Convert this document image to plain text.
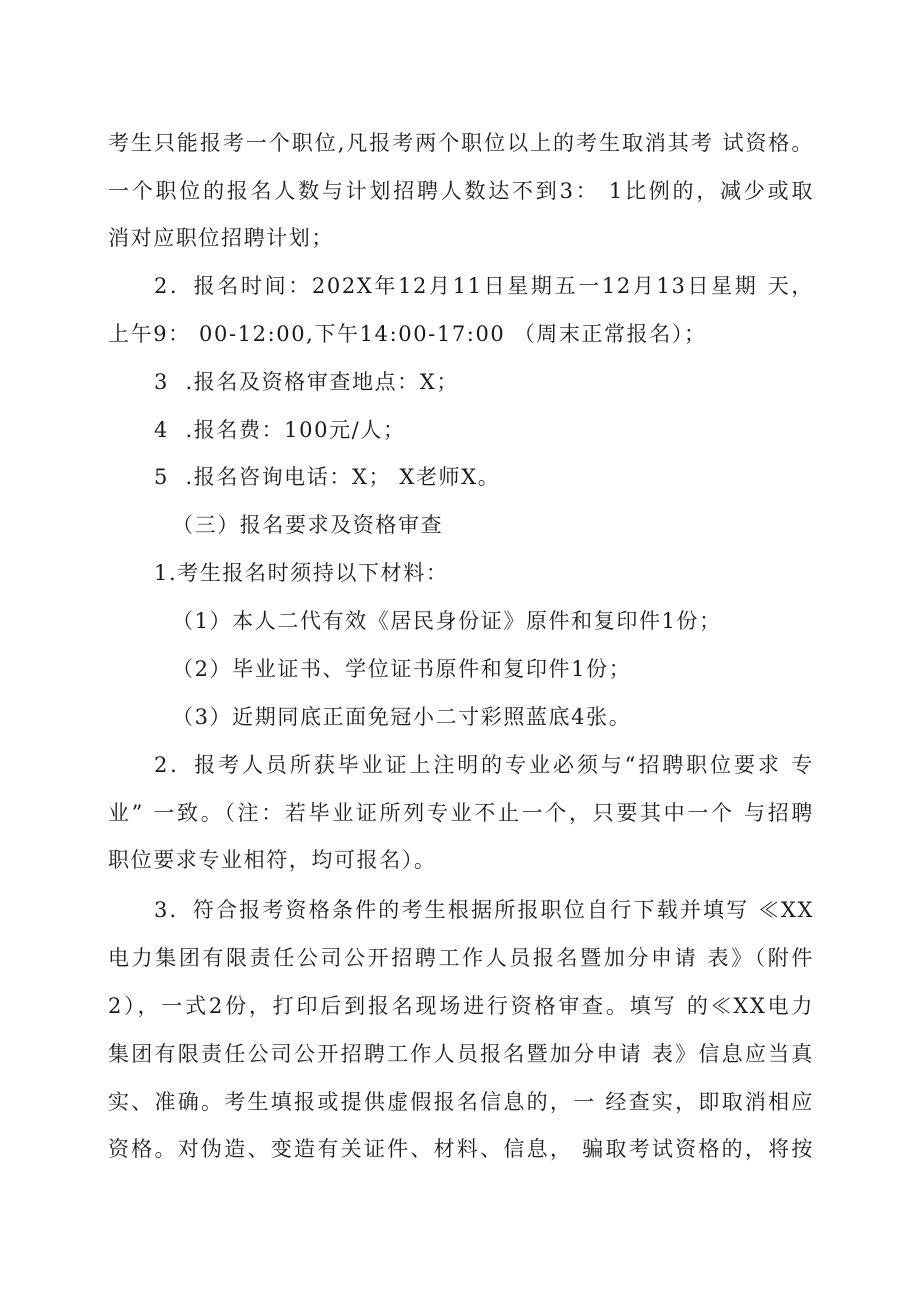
考生只能报考一个职位,凡报考两个职位以上的考生取消其考 试资格。
一个职位的报名人数与计划招聘人数达不到3： 1比例的，减少或取
消对应职位招聘计划；
2．报名时间：202X年12月11日星期五一12月13日星期 天，
上午9： 00-12:00,下午14:00-17:00 （周末正常报名）；
3  .报名及资格审查地点：X；
4  .报名费：100元/人；
5  .报名咨询电话：X； X老师X。
（三）报名要求及资格审查
1.考生报名时须持以下材料：
（1）本人二代有效《居民身份证》原件和复印件1份；
（2）毕业证书、学位证书原件和复印件1份；
（3）近期同底正面免冠小二寸彩照蓝底4张。
2．报考人员所获毕业证上注明的专业必须与“招聘职位要求 专
业” 一致。（注：若毕业证所列专业不止一个，只要其中一个 与招聘
职位要求专业相符，均可报名）。
3．符合报考资格条件的考生根据所报职位自行下载并填写 ≪XX
电力集团有限责任公司公开招聘工作人员报名暨加分申请 表》（附件
2），一式2份，打印后到报名现场进行资格审查。填写 的≪XX电力
集团有限责任公司公开招聘工作人员报名暨加分申请 表》信息应当真
实、准确。考生填报或提供虚假报名信息的，一 经查实，即取消相应
资格。对伪造、变造有关证件、材料、信息， 骗取考试资格的，将按
